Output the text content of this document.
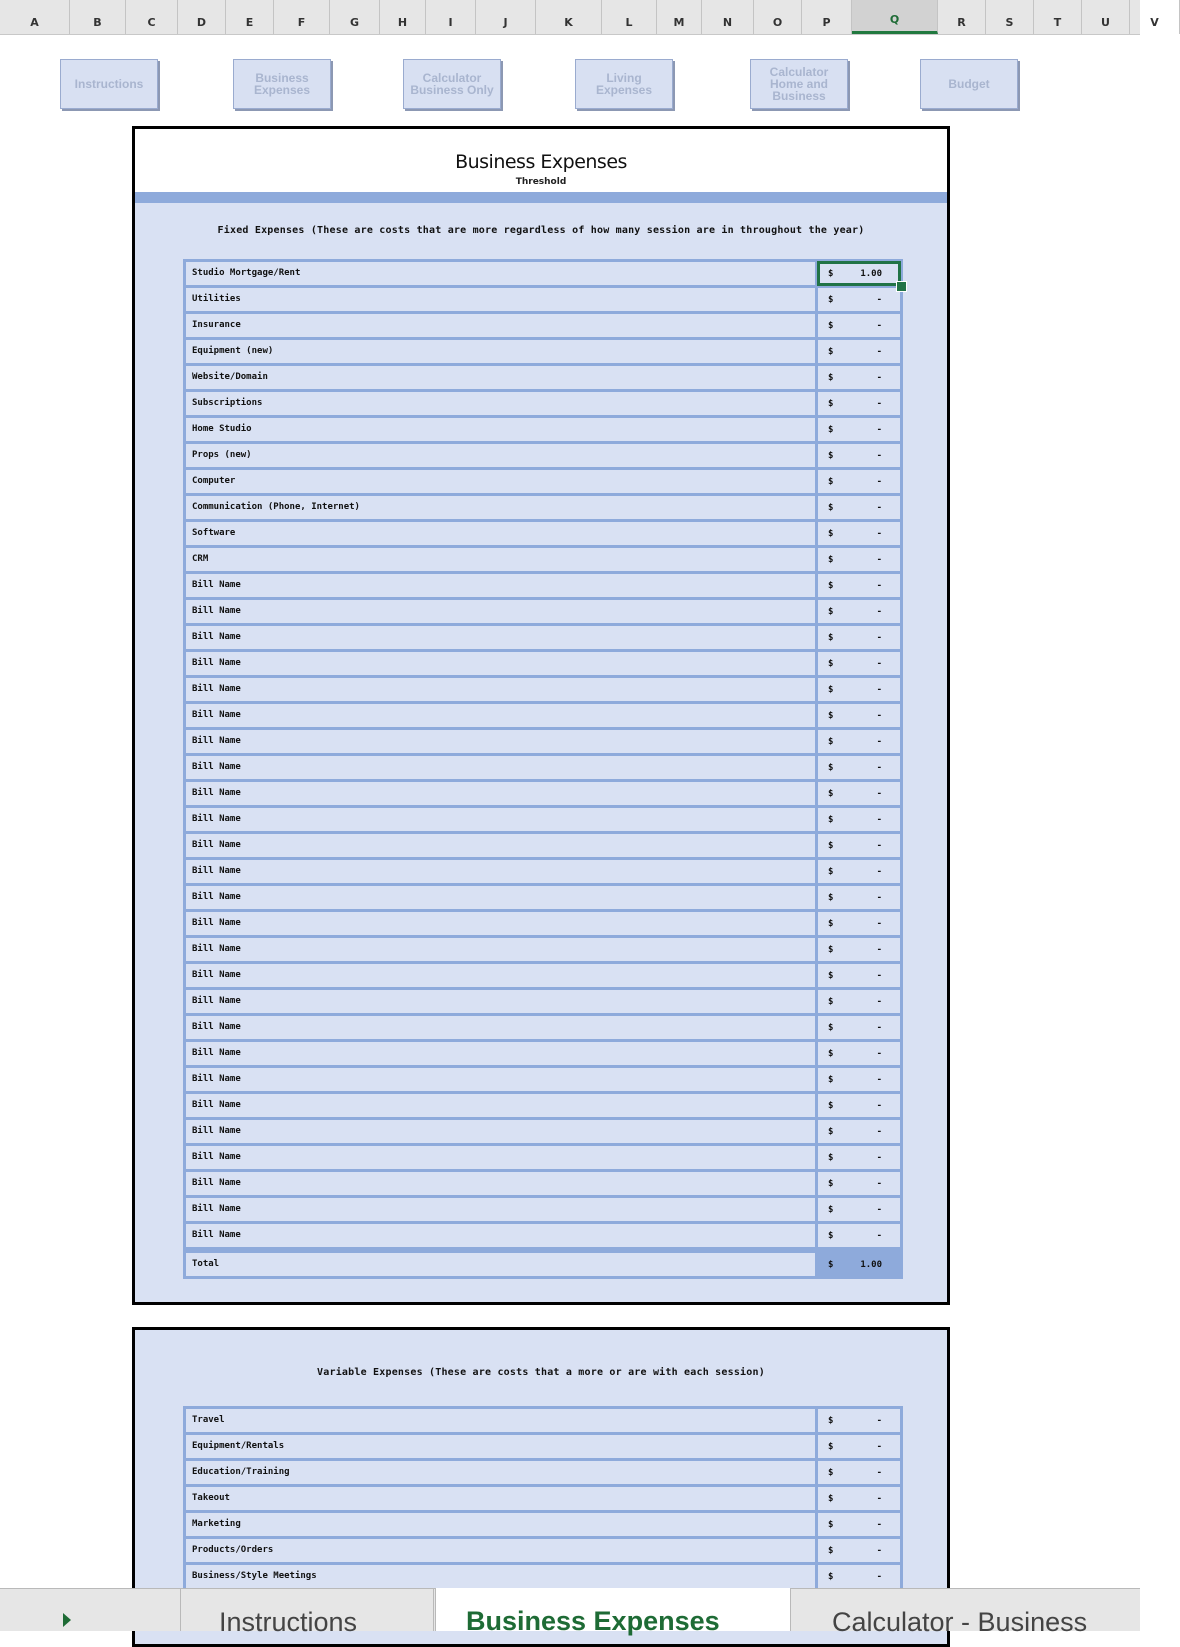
A	B	C	D	E	F	G	H	I	J	K	L	M	N	O	P	Q	R	S	T	U	V
Instructions	Business Expenses
Calculator Business Only
Living Expenses
Calculator Home and Business
Budget
Business Expenses
Threshold
Fixed Expenses (These are costs that are more regardless of how many session are in throughout the year)
Studio Mortgage/Rent	$	1.00
Utilities	$	-
Insurance	$	-
Equipment (new)	$	-
Website/Domain	$	-
Subscriptions	$	-
Home Studio	$	-
Props (new)	$	-
Computer	$	-
Communication (Phone, Internet)	$	-
Software	$	-
CRM	$	-
Bill Name	$	-
Bill Name	$	-
Bill Name	$	-
Bill Name	$	-
Bill Name	$	-
Bill Name	$	-
Bill Name	$	-
Bill Name	$	-
Bill Name	$	-
Bill Name	$	-
Bill Name	$	-
Bill Name	$	-
Bill Name	$	-
Bill Name	$	-
Bill Name	$	-
Bill Name	$	-
Bill Name	$	-
Bill Name	$	-
Bill Name	$	-
Bill Name	$	-
Bill Name	$	-
Bill Name	$	-
Bill Name	$	-
Bill Name	$	-
Bill Name	$	-
Bill Name	$	-
Total	$	1.00
Variable Expenses (These are costs that a more or are with each session)
Travel	$	-
Equipment/Rentals	$	-
Education/Training	$	-
Takeout	$	-
Marketing	$	-
Products/Orders	$	-
Business/Style Meetings	$	-
Instructions	Business Expenses	Calculator - Business
